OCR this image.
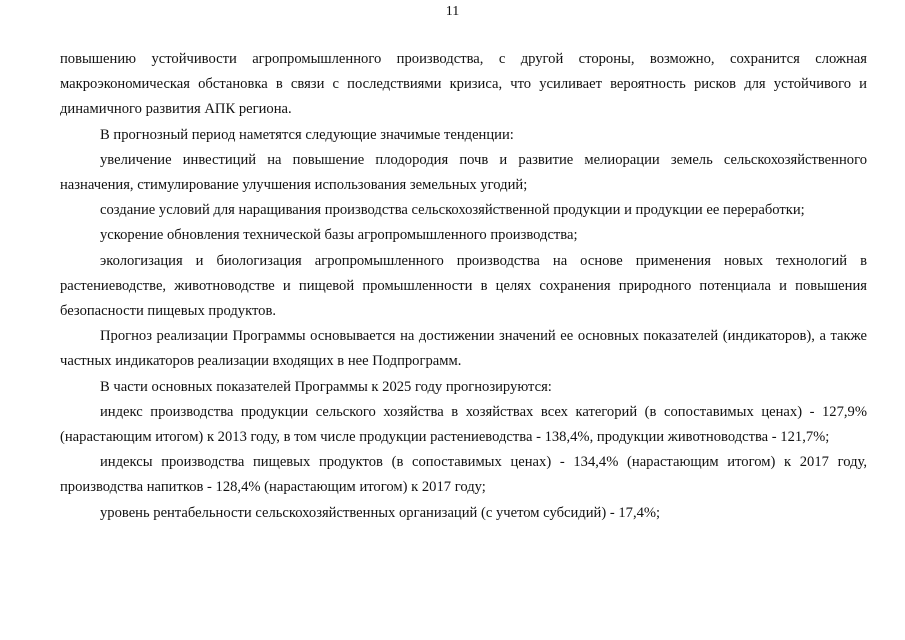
11

повышению устойчивости агропромышленного производства, с другой стороны, возможно, сохранится сложная макроэкономическая обстановка в связи с последствиями кризиса, что усиливает вероятность рисков для устойчивого и динамичного развития АПК региона.

В прогнозный период наметятся следующие значимые тенденции:

увеличение инвестиций на повышение плодородия почв и развитие мелиорации земель сельскохозяйственного назначения, стимулирование улучшения использования земельных угодий;

создание условий для наращивания производства сельскохозяйственной продукции и продукции ее переработки;

ускорение обновления технической базы агропромышленного производства;

экологизация и биологизация агропромышленного производства на основе применения новых технологий в растениеводстве, животноводстве и пищевой промышленности в целях сохранения природного потенциала и повышения безопасности пищевых продуктов.

Прогноз реализации Программы основывается на достижении значений ее основных показателей (индикаторов), а также частных индикаторов реализации входящих в нее Подпрограмм.

В части основных показателей Программы к 2025 году прогнозируются:

индекс производства продукции сельского хозяйства в хозяйствах всех категорий (в сопоставимых ценах) - 127,9% (нарастающим итогом) к 2013 году, в том числе продукции растениеводства - 138,4%, продукции животноводства - 121,7%;

индексы производства пищевых продуктов (в сопоставимых ценах) - 134,4% (нарастающим итогом) к 2017 году, производства напитков - 128,4% (нарастающим итогом) к 2017 году;

уровень рентабельности сельскохозяйственных организаций (с учетом субсидий) - 17,4%;
